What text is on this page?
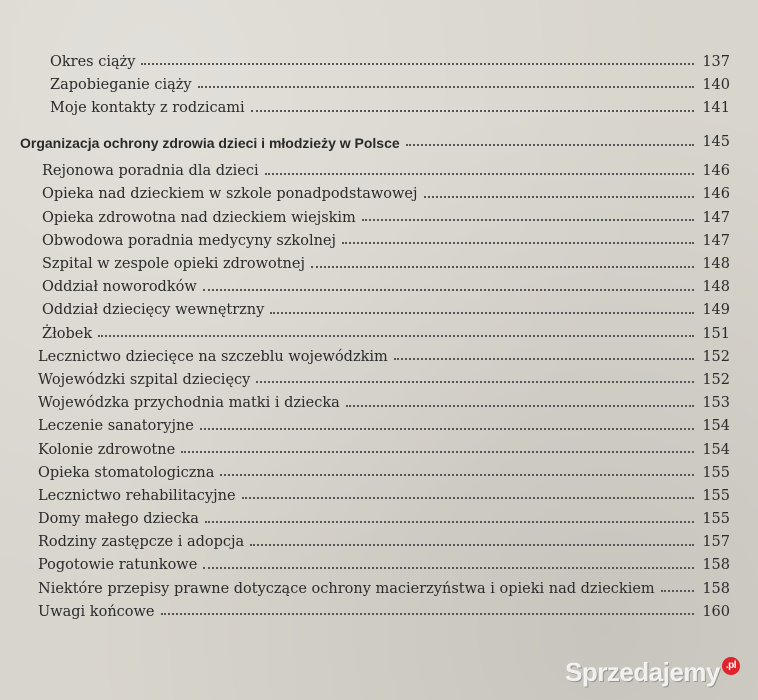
Okres ciąży	137
Zapobieganie ciąży	140
Moje kontakty z rodzicami	141
Organizacja ochrony zdrowia dzieci i młodzieży w Polsce	145
Rejonowa poradnia dla dzieci	146
Opieka nad dzieckiem w szkole ponadpodstawowej	146
Opieka zdrowotna nad dzieckiem wiejskim	147
Obwodowa poradnia medycyny szkolnej	147
Szpital w zespole opieki zdrowotnej	148
Oddział noworodków	148
Oddział dziecięcy wewnętrzny	149
Żłobek	151
Lecznictwo dziecięce na szczeblu wojewódzkim	152
Wojewódzki szpital dziecięcy	152
Wojewódzka przychodnia matki i dziecka	153
Leczenie sanatoryjne	154
Kolonie zdrowotne	154
Opieka stomatologiczna	155
Lecznictwo rehabilitacyjne	155
Domy małego dziecka	155
Rodziny zastępcze i adopcja	157
Pogotowie ratunkowe	158
Niektóre przepisy prawne dotyczące ochrony macierzyństwa i opieki nad dzieckiem	158
Uwagi końcowe	160
Sprzedajemy .pl
